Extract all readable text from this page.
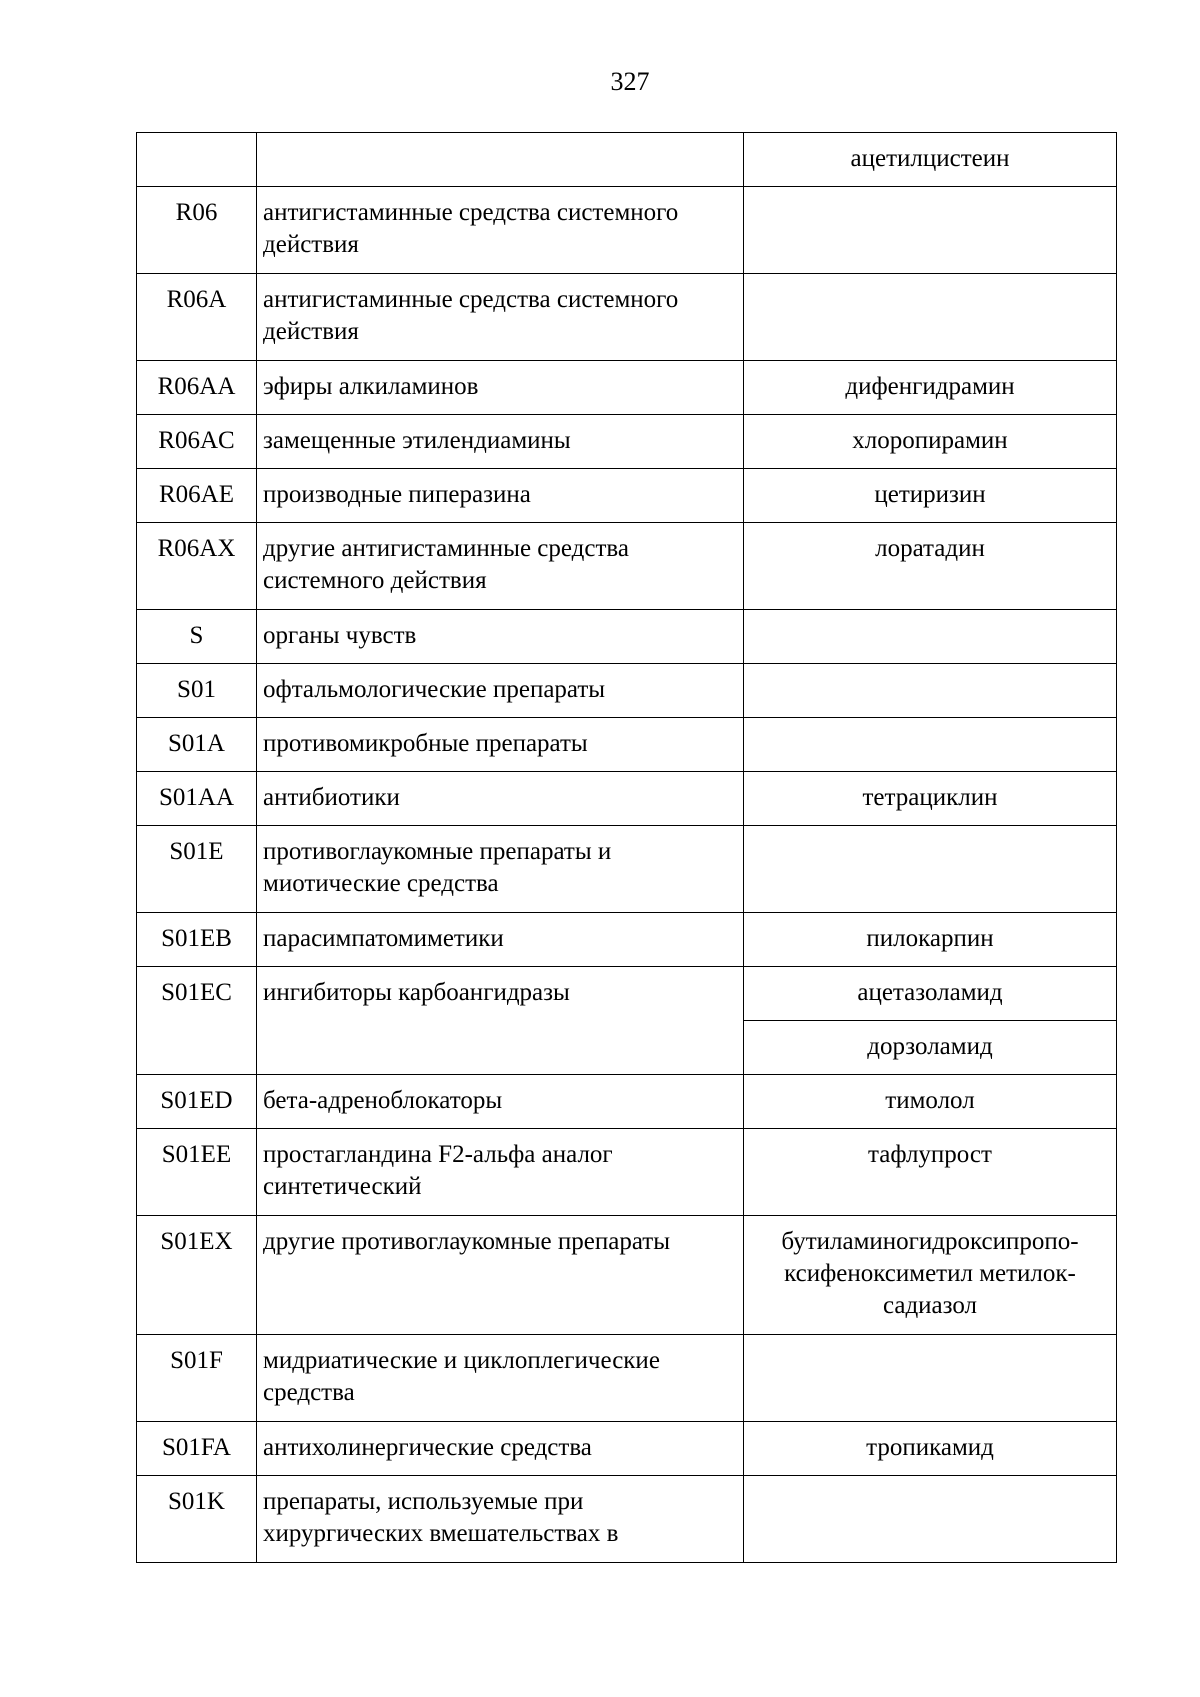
327
		ацетилцистеин
R06	антигистаминные средства системного действия	
R06A	антигистаминные средства системного действия	
R06AA	эфиры алкиламинов	дифенгидрамин
R06AC	замещенные этилендиамины	хлоропирамин
R06AE	производные пиперазина	цетиризин
R06AX	другие антигистаминные средства системного действия	лоратадин
S	органы чувств	
S01	офтальмологические препараты	
S01A	противомикробные препараты	
S01AA	антибиотики	тетрациклин
S01E	противоглаукомные препараты и миотические средства	
S01EB	парасимпатомиметики	пилокарпин
S01EC	ингибиторы карбоангидразы	ацетазоламид
		дорзоламид
S01ED	бета-адреноблокаторы	тимолол
S01EE	простагландина F2-альфа аналог синтетический	тафлупрост
S01EX	другие противоглаукомные препараты	бутиламиногидроксипропо-ксифеноксиметил метилок-садиазол
S01F	мидриатические и циклоплегические средства	
S01FA	антихолинергические средства	тропикамид
S01K	препараты, используемые при хирургических вмешательствах в	
